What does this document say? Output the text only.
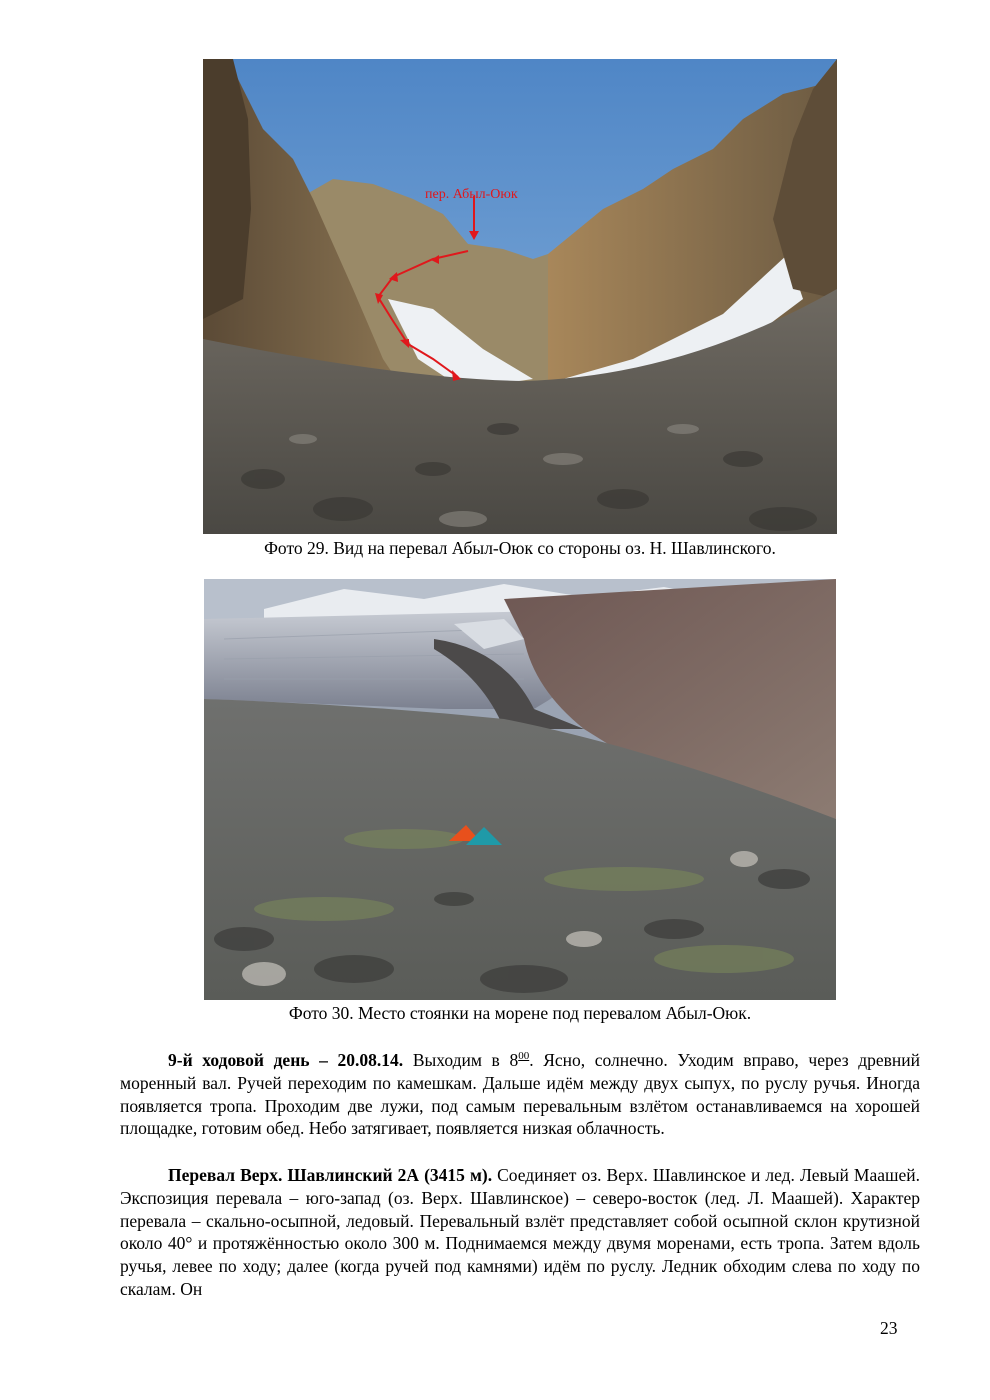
пер. Абыл-Оюк
Фото 29. Вид на перевал Абыл-Оюк со стороны оз. Н. Шавлинского.
Фото 30. Место стоянки на морене под перевалом Абыл-Оюк.

9-й ходовой день – 20.08.14. Выходим в $8^{00}$. Ясно, солнечно. Уходим вправо, через древний моренный вал. Ручей переходим по камешкам. Дальше идём между двух сыпух, по руслу ручья. Иногда появляется тропа. Проходим две лужи, под самым перевальным взлётом останавливаемся на хорошей площадке, готовим обед. Небо затягивает, появляется низкая облачность.

Перевал Верх. Шавлинский 2А (3415 м). Соединяет оз. Верх. Шавлинское и лед. Левый Маашей. Экспозиция перевала – юго-запад (оз. Верх. Шавлинское) – северо-восток (лед. Л. Маашей). Характер перевала – скально-осыпной, ледовый. Перевальный взлёт представляет собой осыпной склон крутизной около 40° и протяжённостью около 300 м. Поднимаемся между двумя моренами, есть тропа. Затем вдоль ручья, левее по ходу; далее (когда ручей под камнями) идём по руслу. Ледник обходим слева по ходу по скалам. Он

23
